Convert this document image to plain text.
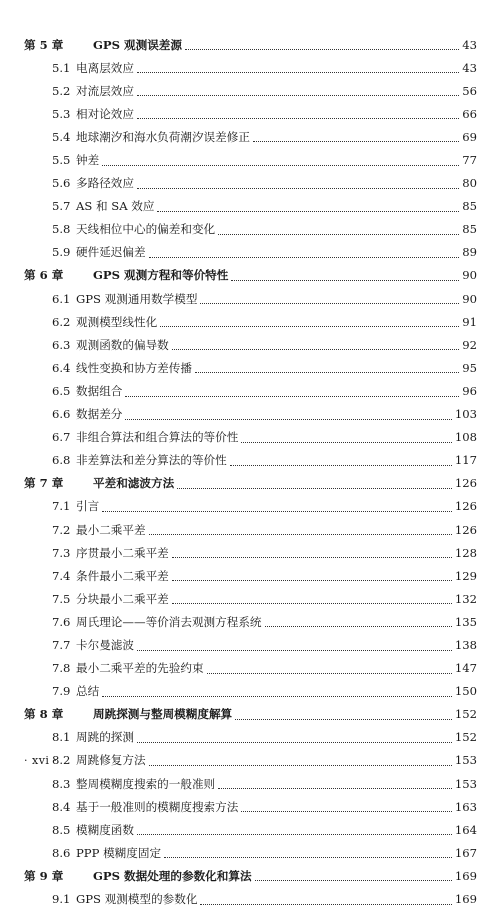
第 5 章	GPS 观测误差源	43
5.1 电离层效应	43
5.2 对流层效应	56
5.3 相对论效应	66
5.4 地球潮汐和海水负荷潮汐误差修正	69
5.5 钟差	77
5.6 多路径效应	80
5.7 AS 和 SA 效应	85
5.8 天线相位中心的偏差和变化	85
5.9 硬件延迟偏差	89
第 6 章	GPS 观测方程和等价特性	90
6.1 GPS 观测通用数学模型	90
6.2 观测模型线性化	91
6.3 观测函数的偏导数	92
6.4 线性变换和协方差传播	95
6.5 数据组合	96
6.6 数据差分	103
6.7 非组合算法和组合算法的等价性	108
6.8 非差算法和差分算法的等价性	117
第 7 章	平差和滤波方法	126
7.1 引言	126
7.2 最小二乘平差	126
7.3 序贯最小二乘平差	128
7.4 条件最小二乘平差	129
7.5 分块最小二乘平差	132
7.6 周氏理论——等价消去观测方程系统	135
7.7 卡尔曼滤波	138
7.8 最小二乘平差的先验约束	147
7.9 总结	150
第 8 章	周跳探测与整周模糊度解算	152
8.1 周跳的探测	152
8.2 周跳修复方法	153
8.3 整周模糊度搜索的一般准则	153
8.4 基于一般准则的模糊度搜索方法	163
8.5 模糊度函数	164
8.6 PPP 模糊度固定	167
第 9 章	GPS 数据处理的参数化和算法	169
9.1 GPS 观测模型的参数化	169
· xvi ·
